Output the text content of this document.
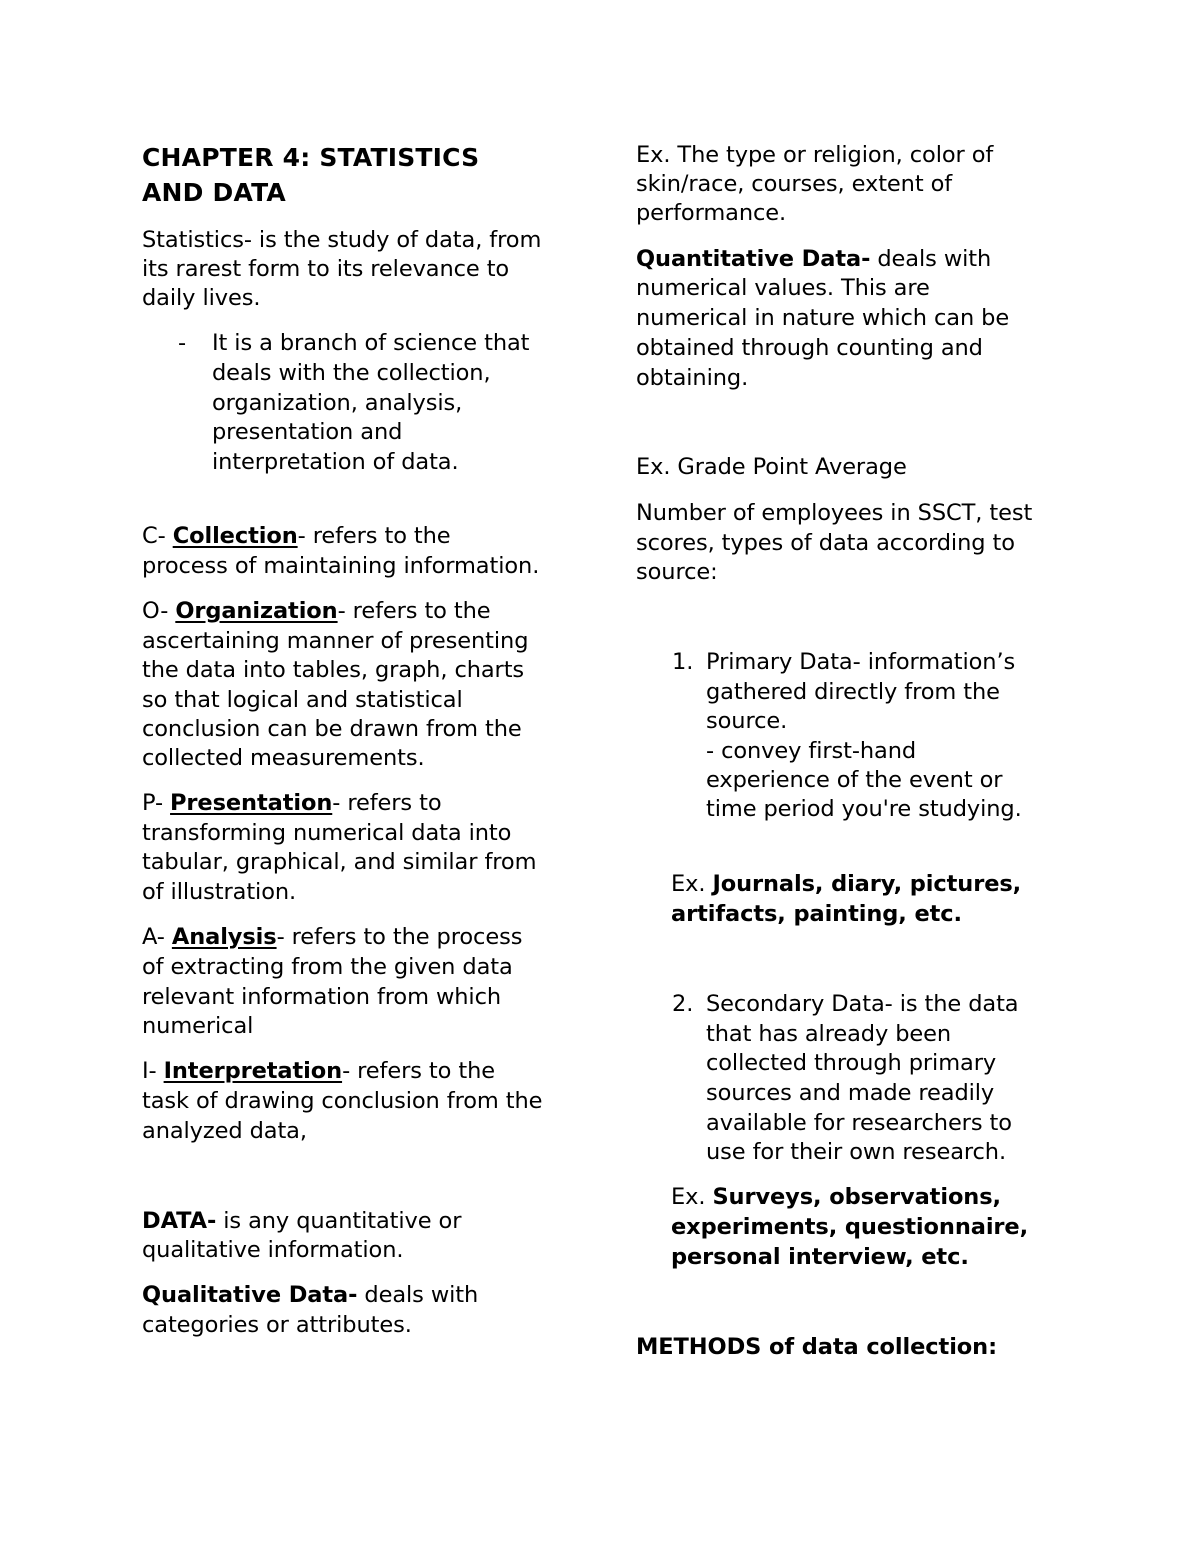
CHAPTER 4: STATISTICS
AND DATA
Statistics- is the study of data, from
its rarest form to its relevance to
daily lives.
- It is a branch of science that
deals with the collection,
organization, analysis,
presentation and
interpretation of data.
C- Collection- refers to the
process of maintaining information.
O- Organization- refers to the
ascertaining manner of presenting
the data into tables, graph, charts
so that logical and statistical
conclusion can be drawn from the
collected measurements.
P- Presentation- refers to
transforming numerical data into
tabular, graphical, and similar from
of illustration.
A- Analysis- refers to the process
of extracting from the given data
relevant information from which
numerical
I- Interpretation- refers to the
task of drawing conclusion from the
analyzed data,
DATA- is any quantitative or
qualitative information.
Qualitative Data- deals with
categories or attributes.
Ex. The type or religion, color of
skin/race, courses, extent of
performance.
Quantitative Data- deals with
numerical values. This are
numerical in nature which can be
obtained through counting and
obtaining.
Ex. Grade Point Average
Number of employees in SSCT, test
scores, types of data according to
source:
1. Primary Data- information’s
gathered directly from the
source.
- convey first-hand
experience of the event or
time period you're studying.
Ex. Journals, diary, pictures,
artifacts, painting, etc.
2. Secondary Data- is the data
that has already been
collected through primary
sources and made readily
available for researchers to
use for their own research.
Ex. Surveys, observations,
experiments, questionnaire,
personal interview, etc.
METHODS of data collection:
